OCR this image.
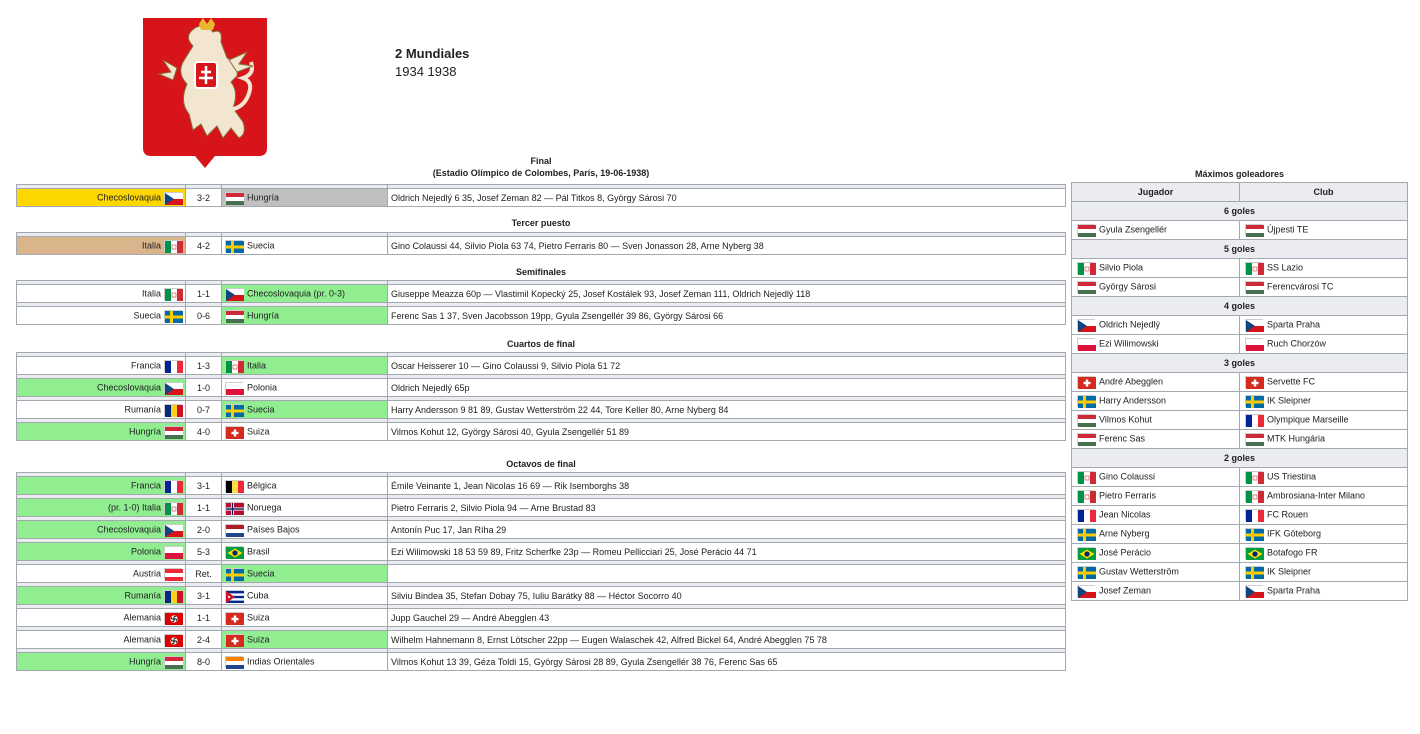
2 Mundiales
1934 1938
Final
(Estadio Olímpico de Colombes, París, 19-06-1938)

Checoslovaquia	3-2	Hungría	Oldrich Nejedlý 6 35, Josef Zeman 82 — Pál Titkos 8, György Sárosi 70
Tercer puesto

Italia	4-2	Suecia	Gino Colaussi 44, Silvio Piola 63 74, Pietro Ferraris 80 — Sven Jonasson 28, Arne Nyberg 38
Semifinales

Italia	1-1	Checoslovaquia (pr. 0-3)	Giuseppe Meazza 60p — Vlastimil Kopecký 25, Josef Kostálek 93, Josef Zeman 111, Oldrich Nejedlý 118

Suecia	0-6	Hungría	Ferenc Sas 1 37, Sven Jacobsson 19pp, Gyula Zsengellér 39 86, György Sárosi 66
Cuartos de final

Francia	1-3	Italia	Oscar Heisserer 10 — Gino Colaussi 9, Silvio Piola 51 72

Checoslovaquia	1-0	Polonia	Oldrich Nejedlý 65p

Rumanía	0-7	Suecia	Harry Andersson 9 81 89, Gustav Wetterström 22 44, Tore Keller 80, Arne Nyberg 84

Hungría	4-0	Suiza	Vilmos Kohut 12, György Sárosi 40, Gyula Zsengellér 51 89
Octavos de final

Francia	3-1	Bélgica	Émile Veinante 1, Jean Nicolas 16 69 — Rik Isemborghs 38

(pr. 1-0) Italia	1-1	Noruega	Pietro Ferraris 2, Silvio Piola 94 — Arne Brustad 83

Checoslovaquia	2-0	Países Bajos	Antonín Puc 17, Jan Ríha 29

Polonia	5-3	Brasil	Ezi Wilimowski 18 53 59 89, Fritz Scherfke 23p — Romeu Pellicciari 25, José Perácio 44 71

Austria	Ret.	Suecia	

Rumanía	3-1	Cuba	Silviu Bindea 35, Stefan Dobay 75, Iuliu Barátky 88 — Héctor Socorro 40

Alemania	1-1	Suiza	Jupp Gauchel 29 — André Abegglen 43

Alemania	2-4	Suiza	Wilhelm Hahnemann 8, Ernst Lötscher 22pp — Eugen Walaschek 42, Alfred Bickel 64, André Abegglen 75 78

Hungría	8-0	Indias Orientales	Vilmos Kohut 13 39, Géza Toldi 15, György Sárosi 28 89, Gyula Zsengellér 38 76, Ferenc Sas 65
Máximos goleadores
Jugador	Club
6 goles	

Gyula Zsengellér	Újpesti TE
5 goles	

Silvio Piola	SS Lazio

György Sárosi	Ferencvárosi TC
4 goles	

Oldrich Nejedlý	Sparta Praha

Ezi Wilimowski	Ruch Chorzów
3 goles	

André Abegglen	Servette FC

Harry Andersson	IK Sleipner

Vilmos Kohut	Olympique Marseille

Ferenc Sas	MTK Hungária
2 goles	

Gino Colaussi	US Triestina

Pietro Ferraris	Ambrosiana-Inter Milano

Jean Nicolas	FC Rouen

Arne Nyberg	IFK Göteborg

José Perácio	Botafogo FR

Gustav Wetterström	IK Sleipner

Josef Zeman	Sparta Praha
